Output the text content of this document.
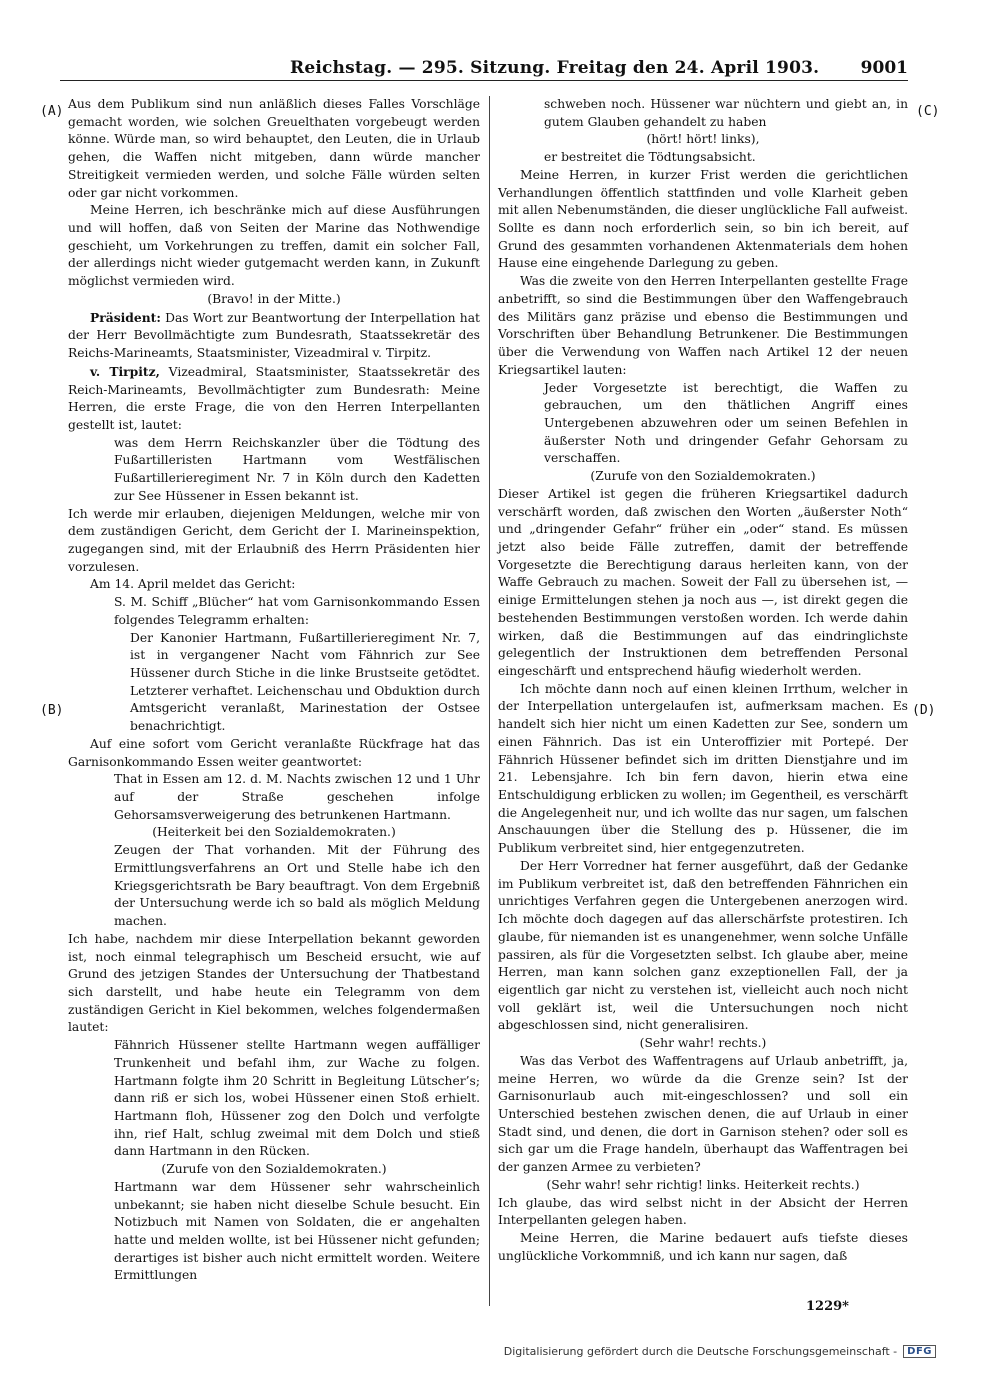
Reichstag. — 295. Sitzung. Freitag den 24. April 1903. 9001
(A)
(B)
(C)
(D)

Aus dem Publikum sind nun anläßlich dieses Falles Vorschläge gemacht worden, wie solchen Greuelthaten vorgebeugt werden könne. Würde man, so wird behauptet, den Leuten, die in Urlaub gehen, die Waffen nicht mitgeben, dann würde mancher Streitigkeit vermieden werden, und solche Fälle würden selten oder gar nicht vorkommen.

Meine Herren, ich beschränke mich auf diese Ausführungen und will hoffen, daß von Seiten der Marine das Nothwendige geschieht, um Vorkehrungen zu treffen, damit ein solcher Fall, der allerdings nicht wieder gutgemacht werden kann, in Zukunft möglichst vermieden wird.

(Bravo! in der Mitte.)

Präsident: Das Wort zur Beantwortung der Interpellation hat der Herr Bevollmächtigte zum Bundesrath, Staatssekretär des Reichs-Marineamts, Staatsminister, Vizeadmiral v. Tirpitz.

v. Tirpitz, Vizeadmiral, Staatsminister, Staatssekretär des Reich-Marineamts, Bevollmächtigter zum Bundesrath: Meine Herren, die erste Frage, die von den Herren Interpellanten gestellt ist, lautet:

was dem Herrn Reichskanzler über die Tödtung des Fußartilleristen Hartmann vom Westfälischen Fußartillerieregiment Nr. 7 in Köln durch den Kadetten zur See Hüssener in Essen bekannt ist.

Ich werde mir erlauben, diejenigen Meldungen, welche mir von dem zuständigen Gericht, dem Gericht der I. Marineinspektion, zugegangen sind, mit der Erlaubniß des Herrn Präsidenten hier vorzulesen.

Am 14. April meldet das Gericht:

S. M. Schiff „Blücher“ hat vom Garnisonkommando Essen folgendes Telegramm erhalten:

Der Kanonier Hartmann, Fußartillerieregiment Nr. 7, ist in vergangener Nacht vom Fähnrich zur See Hüssener durch Stiche in die linke Brustseite getödtet. Letzterer verhaftet. Leichenschau und Obduktion durch Amtsgericht veranlaßt, Marinestation der Ostsee benachrichtigt.

Auf eine sofort vom Gericht veranlaßte Rückfrage hat das Garnisonkommando Essen weiter geantwortet:

That in Essen am 12. d. M. Nachts zwischen 12 und 1 Uhr auf der Straße geschehen infolge Gehorsamsverweigerung des betrunkenen Hartmann.

(Heiterkeit bei den Sozialdemokraten.)

Zeugen der That vorhanden. Mit der Führung des Ermittlungsverfahrens an Ort und Stelle habe ich den Kriegsgerichtsrath be Bary beauftragt. Von dem Ergebniß der Untersuchung werde ich so bald als möglich Meldung machen.

Ich habe, nachdem mir diese Interpellation bekannt geworden ist, noch einmal telegraphisch um Bescheid ersucht, wie auf Grund des jetzigen Standes der Untersuchung der Thatbestand sich darstellt, und habe heute ein Telegramm von dem zuständigen Gericht in Kiel bekommen, welches folgendermaßen lautet:

Fähnrich Hüssener stellte Hartmann wegen auffälliger Trunkenheit und befahl ihm, zur Wache zu folgen. Hartmann folgte ihm 20 Schritt in Begleitung Lütscher’s; dann riß er sich los, wobei Hüssener einen Stoß erhielt. Hartmann floh, Hüssener zog den Dolch und verfolgte ihn, rief Halt, schlug zweimal mit dem Dolch und stieß dann Hartmann in den Rücken.

(Zurufe von den Sozialdemokraten.)

Hartmann war dem Hüssener sehr wahrscheinlich unbekannt; sie haben nicht dieselbe Schule besucht. Ein Notizbuch mit Namen von Soldaten, die er angehalten hatte und melden wollte, ist bei Hüssener nicht gefunden; derartiges ist bisher auch nicht ermittelt worden. Weitere Ermittlungen

schweben noch. Hüssener war nüchtern und giebt an, in gutem Glauben gehandelt zu haben

(hört! hört! links),

er bestreitet die Tödtungsabsicht.

Meine Herren, in kurzer Frist werden die gerichtlichen Verhandlungen öffentlich stattfinden und volle Klarheit geben mit allen Nebenumständen, die dieser unglückliche Fall aufweist. Sollte es dann noch erforderlich sein, so bin ich bereit, auf Grund des gesammten vorhandenen Aktenmaterials dem hohen Hause eine eingehende Darlegung zu geben.

Was die zweite von den Herren Interpellanten gestellte Frage anbetrifft, so sind die Bestimmungen über den Waffengebrauch des Militärs ganz präzise und ebenso die Bestimmungen und Vorschriften über Behandlung Betrunkener. Die Bestimmungen über die Verwendung von Waffen nach Artikel 12 der neuen Kriegsartikel lauten:

Jeder Vorgesetzte ist berechtigt, die Waffen zu gebrauchen, um den thätlichen Angriff eines Untergebenen abzuwehren oder um seinen Befehlen in äußerster Noth und dringender Gefahr Gehorsam zu verschaffen.

(Zurufe von den Sozialdemokraten.)

Dieser Artikel ist gegen die früheren Kriegsartikel dadurch verschärft worden, daß zwischen den Worten „äußerster Noth“ und „dringender Gefahr“ früher ein „oder“ stand. Es müssen jetzt also beide Fälle zutreffen, damit der betreffende Vorgesetzte die Berechtigung daraus herleiten kann, von der Waffe Gebrauch zu machen. Soweit der Fall zu übersehen ist, — einige Ermittelungen stehen ja noch aus —, ist direkt gegen die bestehenden Bestimmungen verstoßen worden. Ich werde dahin wirken, daß die Bestimmungen auf das eindringlichste gelegentlich der Instruktionen dem betreffenden Personal eingeschärft und entsprechend häufig wiederholt werden.

Ich möchte dann noch auf einen kleinen Irrthum, welcher in der Interpellation untergelaufen ist, aufmerksam machen. Es handelt sich hier nicht um einen Kadetten zur See, sondern um einen Fähnrich. Das ist ein Unteroffizier mit Portepé. Der Fähnrich Hüssener befindet sich im dritten Dienstjahre und im 21. Lebensjahre. Ich bin fern davon, hierin etwa eine Entschuldigung erblicken zu wollen; im Gegentheil, es verschärft die Angelegenheit nur, und ich wollte das nur sagen, um falschen Anschauungen über die Stellung des p. Hüssener, die im Publikum verbreitet sind, hier entgegenzutreten.

Der Herr Vorredner hat ferner ausgeführt, daß der Gedanke im Publikum verbreitet ist, daß den betreffenden Fähnrichen ein unrichtiges Verfahren gegen die Untergebenen anerzogen wird. Ich möchte doch dagegen auf das allerschärfste protestiren. Ich glaube, für niemanden ist es unangenehmer, wenn solche Unfälle passiren, als für die Vorgesetzten selbst. Ich glaube aber, meine Herren, man kann solchen ganz exzeptionellen Fall, der ja eigentlich gar nicht zu verstehen ist, vielleicht auch noch nicht voll geklärt ist, weil die Untersuchungen noch nicht abgeschlossen sind, nicht generalisiren.

(Sehr wahr! rechts.)

Was das Verbot des Waffentragens auf Urlaub anbetrifft, ja, meine Herren, wo würde da die Grenze sein? Ist der Garnisonurlaub auch mit-eingeschlossen? und soll ein Unterschied bestehen zwischen denen, die auf Urlaub in einer Stadt sind, und denen, die dort in Garnison stehen? oder soll es sich gar um die Frage handeln, überhaupt das Waffentragen bei der ganzen Armee zu verbieten?

(Sehr wahr! sehr richtig! links. Heiterkeit rechts.)

Ich glaube, das wird selbst nicht in der Absicht der Herren Interpellanten gelegen haben.

Meine Herren, die Marine bedauert aufs tiefste dieses unglückliche Vorkommniß, und ich kann nur sagen, daß

1229*
Digitalisierung gefördert durch die Deutsche Forschungsgemeinschaft -	DFG
